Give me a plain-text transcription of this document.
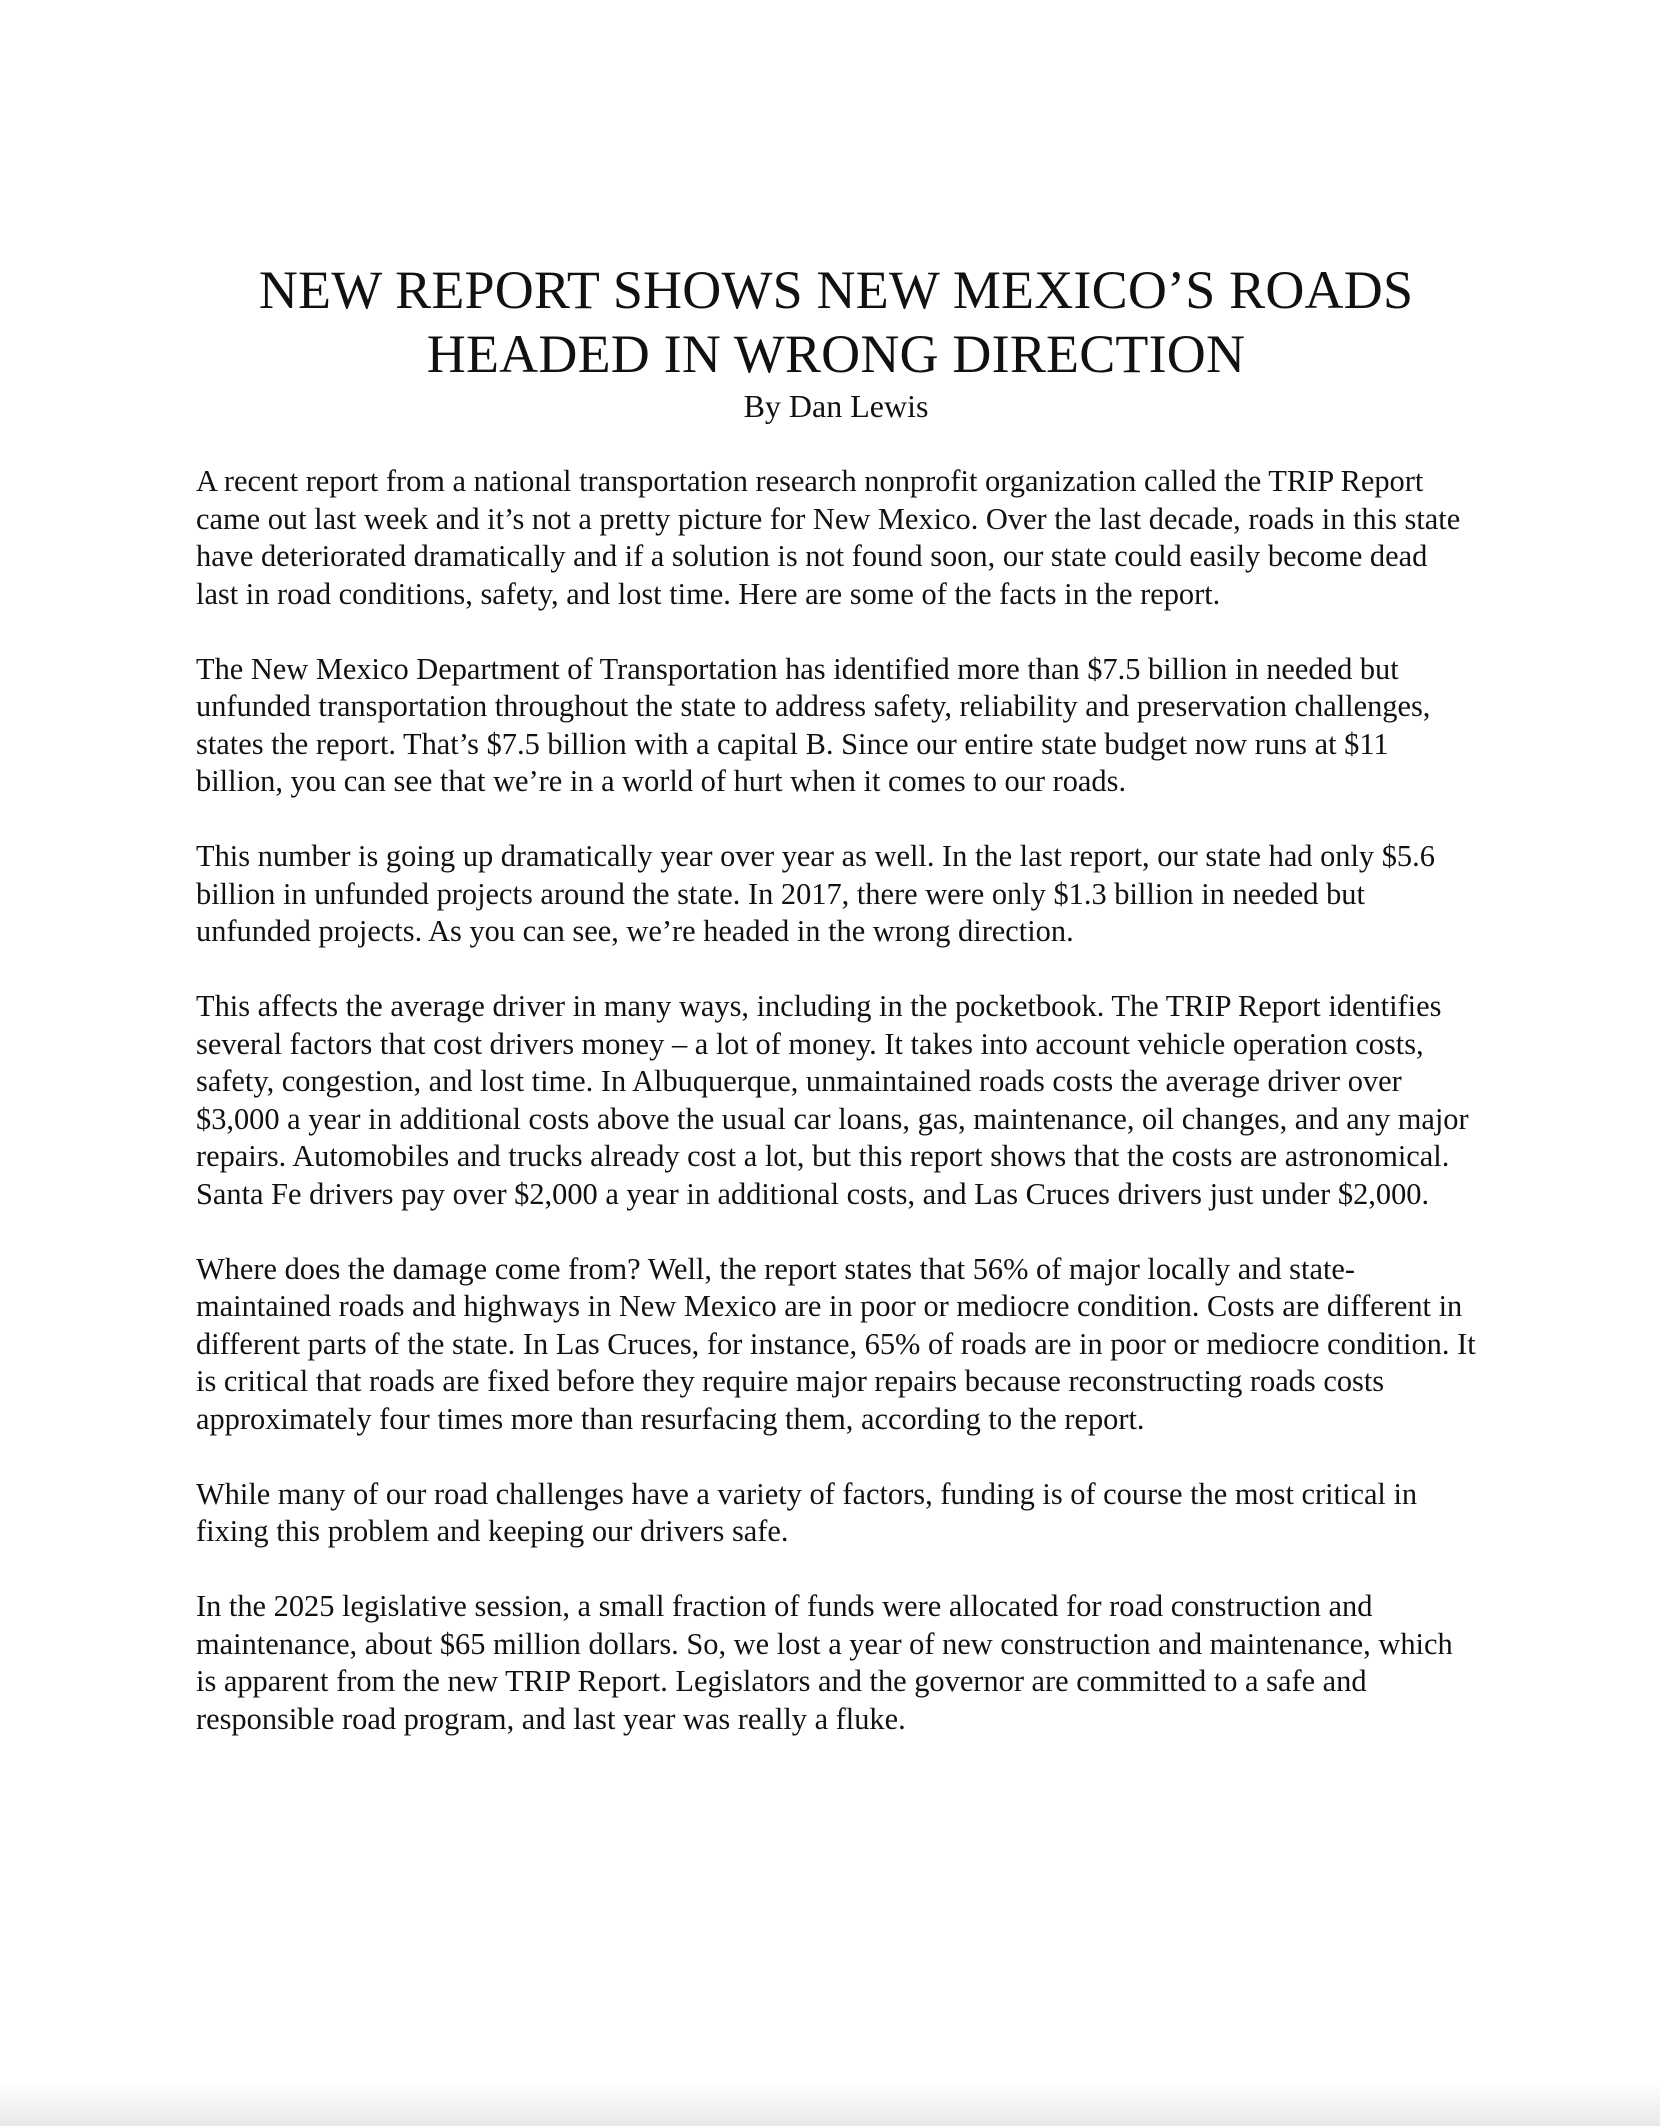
NEW REPORT SHOWS NEW MEXICO’S ROADS
HEADED IN WRONG DIRECTION

By Dan Lewis

A recent report from a national transportation research nonprofit organization called the TRIP Report came out last week and it’s not a pretty picture for New Mexico. Over the last decade, roads in this state have deteriorated dramatically and if a solution is not found soon, our state could easily become dead last in road conditions, safety, and lost time. Here are some of the facts in the report.

The New Mexico Department of Transportation has identified more than $7.5 billion in needed but unfunded transportation throughout the state to address safety, reliability and preservation challenges, states the report. That’s $7.5 billion with a capital B. Since our entire state budget now runs at $11 billion, you can see that we’re in a world of hurt when it comes to our roads.

This number is going up dramatically year over year as well. In the last report, our state had only $5.6 billion in unfunded projects around the state. In 2017, there were only $1.3 billion in needed but unfunded projects. As you can see, we’re headed in the wrong direction.

This affects the average driver in many ways, including in the pocketbook. The TRIP Report identifies several factors that cost drivers money – a lot of money. It takes into account vehicle operation costs, safety, congestion, and lost time. In Albuquerque, unmaintained roads costs the average driver over $3,000 a year in additional costs above the usual car loans, gas, maintenance, oil changes, and any major repairs. Automobiles and trucks already cost a lot, but this report shows that the costs are astronomical. Santa Fe drivers pay over $2,000 a year in additional costs, and Las Cruces drivers just under $2,000.

Where does the damage come from? Well, the report states that 56% of major locally and state-maintained roads and highways in New Mexico are in poor or mediocre condition. Costs are different in different parts of the state. In Las Cruces, for instance, 65% of roads are in poor or mediocre condition. It is critical that roads are fixed before they require major repairs because reconstructing roads costs approximately four times more than resurfacing them, according to the report.

While many of our road challenges have a variety of factors, funding is of course the most critical in fixing this problem and keeping our drivers safe.

In the 2025 legislative session, a small fraction of funds were allocated for road construction and maintenance, about $65 million dollars. So, we lost a year of new construction and maintenance, which is apparent from the new TRIP Report. Legislators and the governor are committed to a safe and responsible road program, and last year was really a fluke.
